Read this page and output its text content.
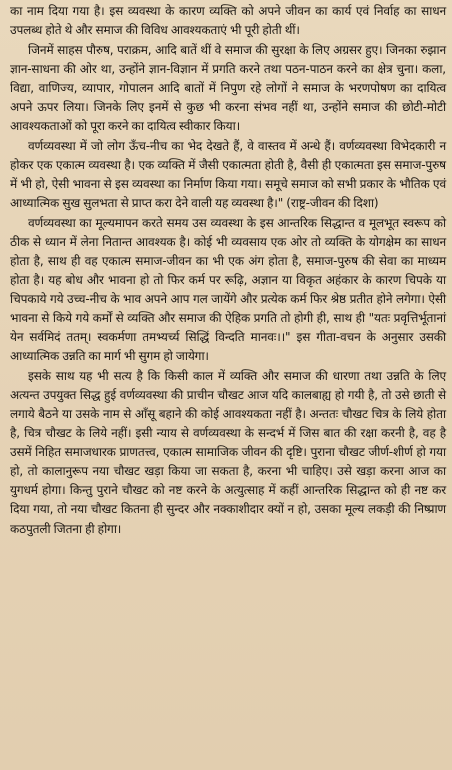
का नाम दिया गया है। इस व्यवस्था के कारण व्यक्ति को अपने जीवन का कार्य एवं निर्वाह का साधन उपलब्ध होते थे और समाज की विविध आवश्यकताएं भी पूरी होती थीं।

जिनमें साहस पौरुष, पराक्रम, आदि बातें थीं वे समाज की सुरक्षा के लिए अग्रसर हुए। जिनका रुझान ज्ञान-साधना की ओर था, उन्होंने ज्ञान-विज्ञान में प्रगति करने तथा पठन-पाठन करने का क्षेत्र चुना। कला, विद्या, वाणिज्य, व्यापार, गोपालन आदि बातों में निपुण रहे लोगों ने समाज के भरणपोषण का दायित्व अपने ऊपर लिया। जिनके लिए इनमें से कुछ भी करना संभव नहीं था, उन्होंने समाज की छोटी-मोटी आवश्यकताओं को पूरा करने का दायित्व स्वीकार किया।

वर्णव्यवस्था में जो लोग ऊँच-नीच का भेद देखते हैं, वे वास्तव में अन्धे हैं। वर्णव्यवस्था विभेदकारी न होकर एक एकात्म व्यवस्था है। एक व्यक्ति में जैसी एकात्मता होती है, वैसी ही एकात्मता इस समाज-पुरुष में भी हो, ऐसी भावना से इस व्यवस्था का निर्माण किया गया। समूचे समाज को सभी प्रकार के भौतिक एवं आध्यात्मिक सुख सुलभता से प्राप्त करा देने वाली यह व्यवस्था है।" (राष्ट्र-जीवन की दिशा)

वर्णव्यवस्था का मूल्यमापन करते समय उस व्यवस्था के इस आन्तरिक सिद्धान्त व मूलभूत स्वरूप को ठीक से ध्यान में लेना नितान्त आवश्यक है। कोई भी व्यवसाय एक ओर तो व्यक्ति के योगक्षेम का साधन होता है, साथ ही वह एकात्म समाज-जीवन का भी एक अंग होता है, समाज-पुरुष की सेवा का माध्यम होता है। यह बोध और भावना हो तो फिर कर्म पर रूढ़ि, अज्ञान या विकृत अहंकार के कारण चिपके या चिपकाये गये उच्च-नीच के भाव अपने आप गल जायेंगे और प्रत्येक कर्म फिर श्रेष्ठ प्रतीत होने लगेगा। ऐसी भावना से किये गये कर्मों से व्यक्ति और समाज की ऐहिक प्रगति तो होगी ही, साथ ही "यतः प्रवृत्तिर्भूतानां येन सर्वमिदं ततम्। स्वकर्मणा तमभ्यर्च्य सिद्धिं विन्दति मानवः।।" इस गीता-वचन के अनुसार उसकी आध्यात्मिक उन्नति का मार्ग भी सुगम हो जायेगा।

इसके साथ यह भी सत्य है कि किसी काल में व्यक्ति और समाज की धारणा तथा उन्नति के लिए अत्यन्त उपयुक्त सिद्ध हुई वर्णव्यवस्था की प्राचीन चौखट आज यदि कालबाह्य हो गयी है, तो उसे छाती से लगाये बैठने या उसके नाम से आँसू बहाने की कोई आवश्यकता नहीं है। अन्ततः चौखट चित्र के लिये होता है, चित्र चौखट के लिये नहीं। इसी न्याय से वर्णव्यवस्था के सन्दर्भ में जिस बात की रक्षा करनी है, वह है उसमें निहित समाजधारक प्राणतत्त्व, एकात्म सामाजिक जीवन की दृष्टि। पुराना चौखट जीर्ण-शीर्ण हो गया हो, तो कालानुरूप नया चौखट खड़ा किया जा सकता है, करना भी चाहिए। उसे खड़ा करना आज का युगधर्म होगा। किन्तु पुराने चौखट को नष्ट करने के अत्युत्साह में कहीं आन्तरिक सिद्धान्त को ही नष्ट कर दिया गया, तो नया चौखट कितना ही सुन्दर और नक्काशीदार क्यों न हो, उसका मूल्य लकड़ी की निष्प्राण कठपुतली जितना ही होगा।
